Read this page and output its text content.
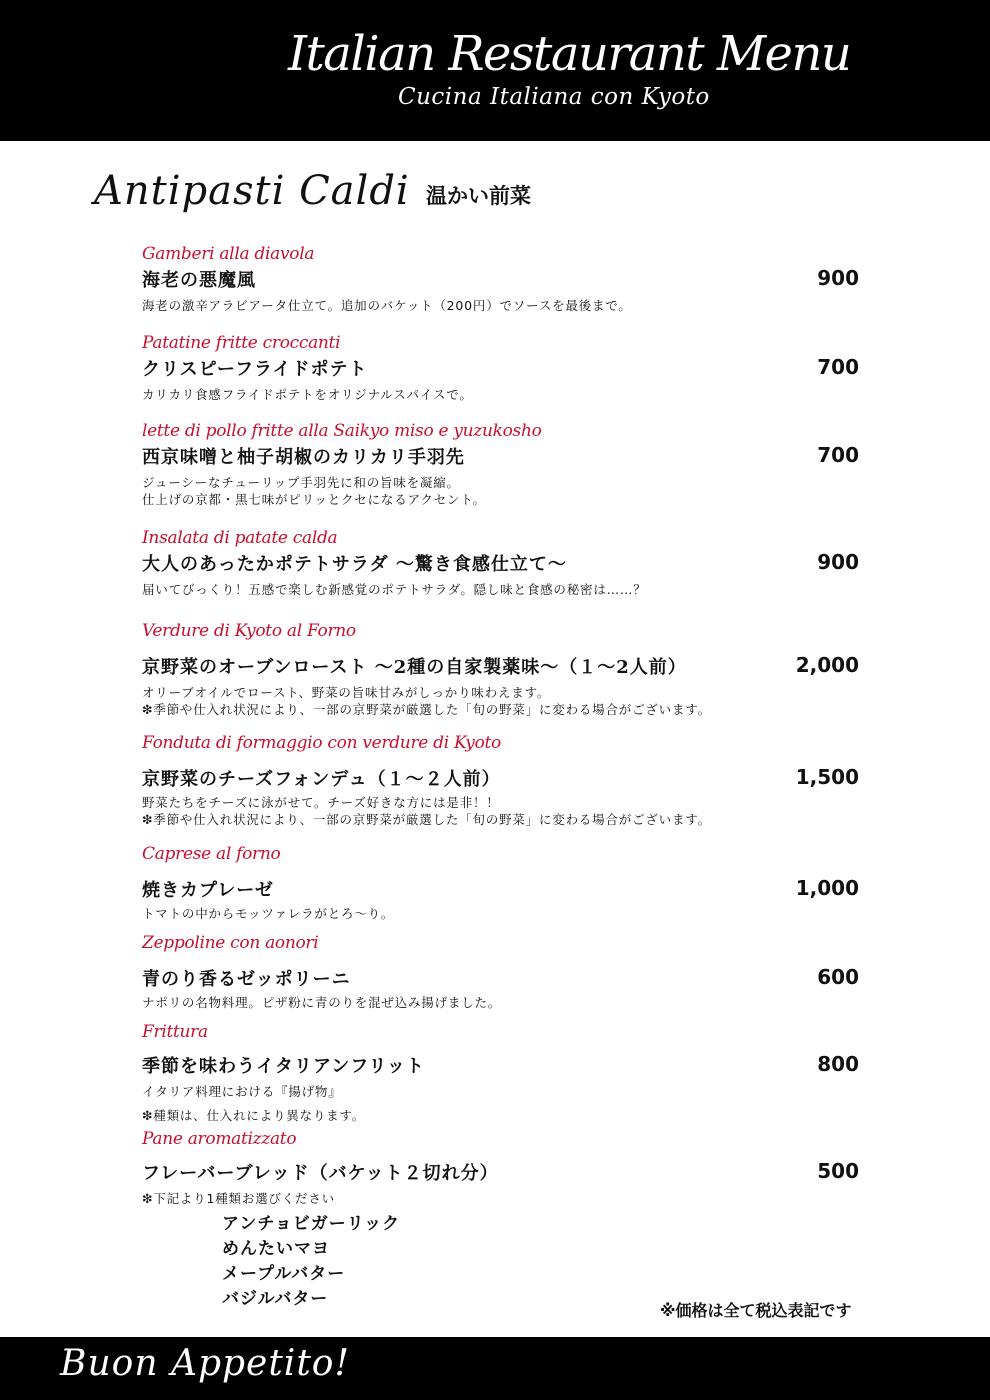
Italian Restaurant Menu
Cucina Italiana con Kyoto
Antipasti Caldi 温かい前菜
Gamberi alla diavola
海老の悪魔風	900
海老の激辛アラビアータ仕立て。追加のバケット（200円）でソースを最後まで。
Patatine fritte croccanti
クリスピーフライドポテト	700
カリカリ食感フライドポテトをオリジナルスパイスで。
lette di pollo fritte alla Saikyo miso e yuzukosho
西京味噌と柚子胡椒のカリカリ手羽先	700
ジューシーなチューリップ手羽先に和の旨味を凝縮。
仕上げの京都・黒七味がピリッとクセになるアクセント。
Insalata di patate calda
大人のあったかポテトサラダ ～驚き食感仕立て～	900
届いてびっくり！五感で楽しむ新感覚のポテトサラダ。隠し味と食感の秘密は……？
Verdure di Kyoto al Forno
京野菜のオーブンロースト ～2種の自家製薬味～（１～2人前）	2,000
オリーブオイルでロースト、野菜の旨味甘みがしっかり味わえます。
❇︎季節や仕入れ状況により、一部の京野菜が厳選した「旬の野菜」に変わる場合がございます。
Fonduta di formaggio con verdure di Kyoto
京野菜のチーズフォンデュ（１～２人前）	1,500
野菜たちをチーズに泳がせて。チーズ好きな方には是非！！
❇︎季節や仕入れ状況により、一部の京野菜が厳選した「旬の野菜」に変わる場合がございます。
Caprese al forno
焼きカプレーゼ	1,000
トマトの中からモッツァレラがとろ〜り。
Zeppoline con aonori
青のり香るゼッポリーニ	600
ナポリの名物料理。ピザ粉に青のりを混ぜ込み揚げました。
Frittura
季節を味わうイタリアンフリット	800
イタリア料理における『揚げ物』
❇︎種類は、仕入れにより異なります。
Pane aromatizzato
フレーバーブレッド（バケット２切れ分）	500
❇︎下記より1種類お選びください
アンチョビガーリック
めんたいマヨ
メープルバター
バジルバター
※価格は全て税込表記です
Buon Appetito!
